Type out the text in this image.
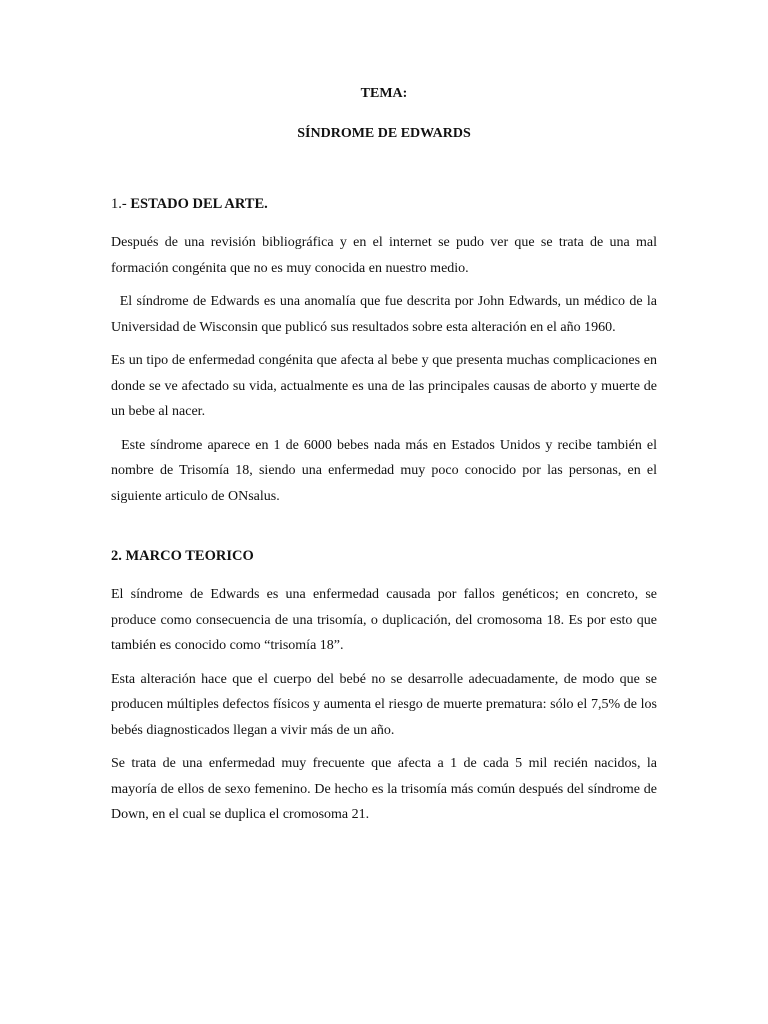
TEMA:

SÍNDROME DE EDWARDS

1.- ESTADO DEL ARTE.

Después de una revisión bibliográfica y en el internet se pudo ver que se trata de una mal formación congénita que no es muy conocida en nuestro medio.

El síndrome de Edwards es una anomalía que fue descrita por John Edwards, un médico de la Universidad de Wisconsin que publicó sus resultados sobre esta alteración en el año 1960.

Es un tipo de enfermedad congénita que afecta al bebe y que presenta muchas complicaciones en donde se ve afectado su vida, actualmente es una de las principales causas de aborto y muerte de un bebe al nacer.

Este síndrome aparece en 1 de 6000 bebes nada más en Estados Unidos y recibe también el nombre de Trisomía 18, siendo una enfermedad muy poco conocido por las personas, en el siguiente articulo de ONsalus.

2. MARCO TEORICO

El síndrome de Edwards es una enfermedad causada por fallos genéticos; en concreto, se produce como consecuencia de una trisomía, o duplicación, del cromosoma 18. Es por esto que también es conocido como “trisomía 18”.

Esta alteración hace que el cuerpo del bebé no se desarrolle adecuadamente, de modo que se producen múltiples defectos físicos y aumenta el riesgo de muerte prematura: sólo el 7,5% de los bebés diagnosticados llegan a vivir más de un año.

Se trata de una enfermedad muy frecuente que afecta a 1 de cada 5 mil recién nacidos, la mayoría de ellos de sexo femenino. De hecho es la trisomía más común después del síndrome de Down, en el cual se duplica el cromosoma 21.
